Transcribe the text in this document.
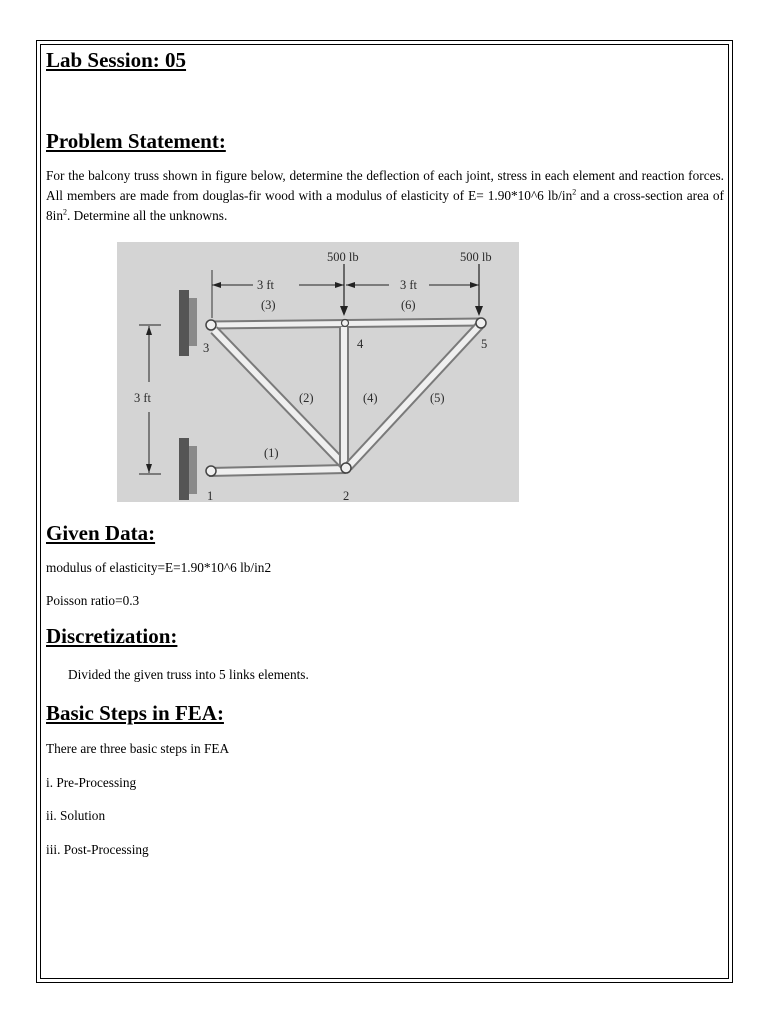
Lab Session: 05
Problem Statement:

For the balcony truss shown in figure below, determine the deflection of each joint, stress in each element and reaction forces. All members are made from douglas-fir wood with a modulus of elasticity of E= 1.90*10^6 $lb/in^2$ and a cross-section area of $8in^2$. Determine all the unknowns.

500 lb	500 lb
3 ft	3 ft
3 ft
(1)
(2)
(3)
(4)	(5)
(6)
1	2
3	4	5
Given Data:

modulus of elasticity=E=1.90*10^6 lb/in2

Poisson ratio=0.3

Discretization:

Divided the given truss into 5 links elements.

Basic Steps in FEA:

There are three basic steps in FEA

i. Pre-Processing

ii. Solution

iii. Post-Processing
